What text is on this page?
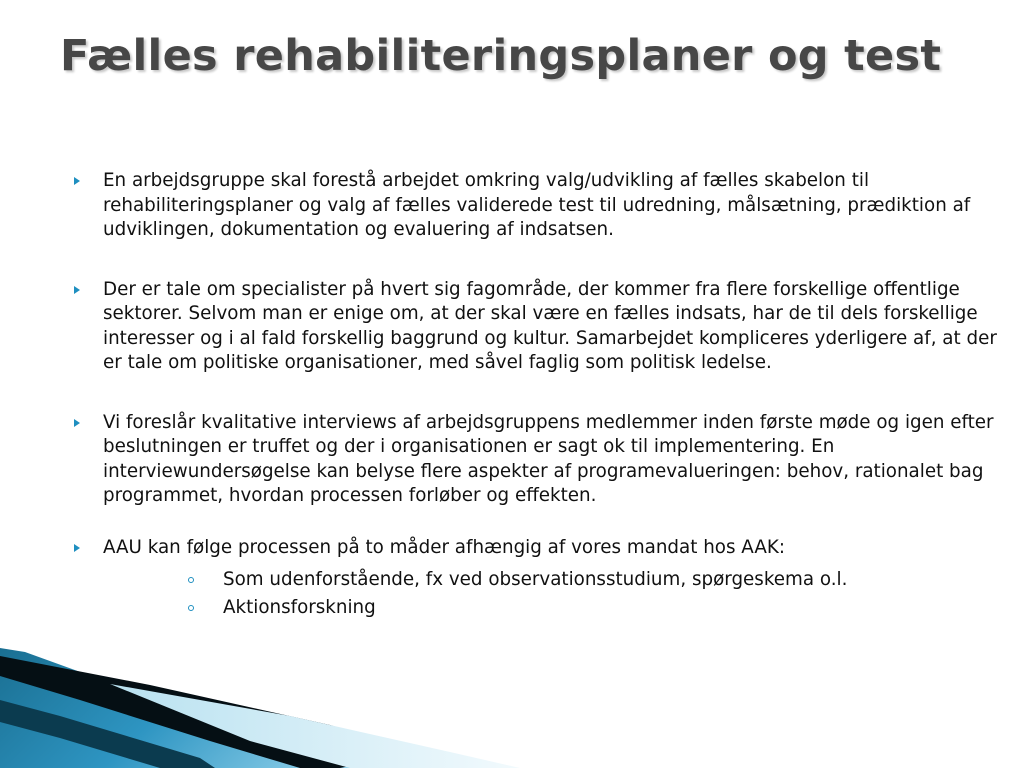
Fælles rehabiliteringsplaner og test
En arbejdsgruppe skal forestå arbejdet omkring valg/udvikling af fælles skabelon til rehabiliteringsplaner og valg af fælles validerede test til udredning, målsætning, prædiktion af udviklingen, dokumentation og evaluering af indsatsen.
Der er tale om specialister på hvert sig fagområde, der kommer fra flere forskellige offentlige sektorer. Selvom man er enige om, at der skal være en fælles indsats, har de til dels forskellige interesser og i al fald forskellig baggrund og kultur. Samarbejdet kompliceres yderligere af, at der er tale om politiske organisationer, med såvel faglig som politisk ledelse.
Vi foreslår kvalitative interviews af arbejdsgruppens medlemmer inden første møde og igen efter beslutningen er truffet og der i organisationen er sagt ok til implementering. En interviewundersøgelse kan belyse flere aspekter af programevalueringen: behov, rationalet bag programmet, hvordan processen forløber og effekten.
AAU kan følge processen på to måder afhængig af vores mandat hos AAK:
Som udenforstående, fx ved observationsstudium, spørgeskema o.l.
Aktionsforskning
